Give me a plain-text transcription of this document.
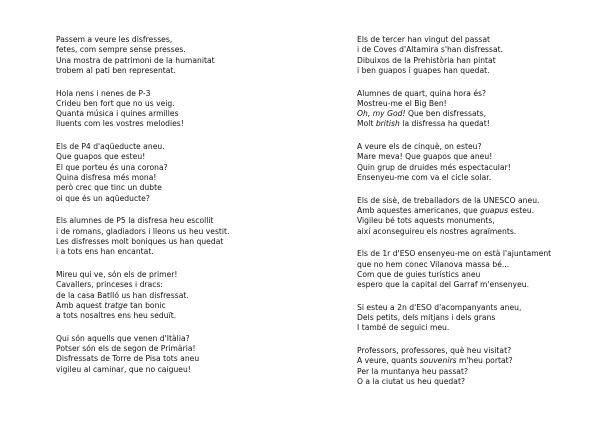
Passem a veure les disfresses,
fetes, com sempre sense presses.
Una mostra de patrimoni de la humanitat
trobem al pati ben representat.
Hola nens i nenes de P-3
Crideu ben fort que no us veig.
Quanta música i quines armilles
lluents com les vostres melodies!
Els de P4 d'aqüeducte aneu.
Que guapos que esteu!
El que porteu és una corona?
Quina disfresa més mona!
però crec que tinc un dubte
oi que és un aqüeducte?
Els alumnes de P5 la disfresa heu escollit
i de romans, gladiadors i lleons us heu vestit.
Les disfresses molt boniques us han quedat
i a tots ens han encantat.
Mireu qui ve, són els de primer!
Cavallers, princeses i dracs:
de la casa Batlló us han disfressat.
Amb aquest tratge tan bonic
a tots nosaltres ens heu seduït.
Qui són aquells que venen d'Itàlia?
Potser són els de segon de Primària!
Disfressats de Torre de Pisa tots aneu
vigileu al caminar, que no caigueu!
Els de tercer han vingut del passat
i de Coves d'Altamira s'han disfressat.
Dibuixos de la Prehistòria han pintat
i ben guapos i guapes han quedat.
Alumnes de quart, quina hora és?
Mostreu-me el Big Ben!
Oh, my God! Que ben disfressats,
Molt british la disfressa ha quedat!
A veure els de cinquè, on esteu?
Mare meva! Que guapos que aneu!
Quin grup de druides més espectacular!
Ensenyeu-me com va el cicle solar.
Els de sisè, de treballadors de la UNESCO aneu.
Amb aquestes americanes, que guapus esteu.
Vigileu bé tots aquests monuments,
així aconseguireu els nostres agraïments.
Els de 1r d'ESO ensenyeu-me on està l'ajuntament
que no hem conec Vilanova massa bé...
Com que de guies turístics aneu
espero que la capital del Garraf m'ensenyeu.
Si esteu a 2n d'ESO d'acompanyants aneu,
Dels petits, dels mitjans i dels grans
I també de seguici meu.
Professors, professores, què heu visitat?
A veure, quants souvenirs m'heu portat?
Per la muntanya heu passat?
O a la ciutat us heu quedat?
